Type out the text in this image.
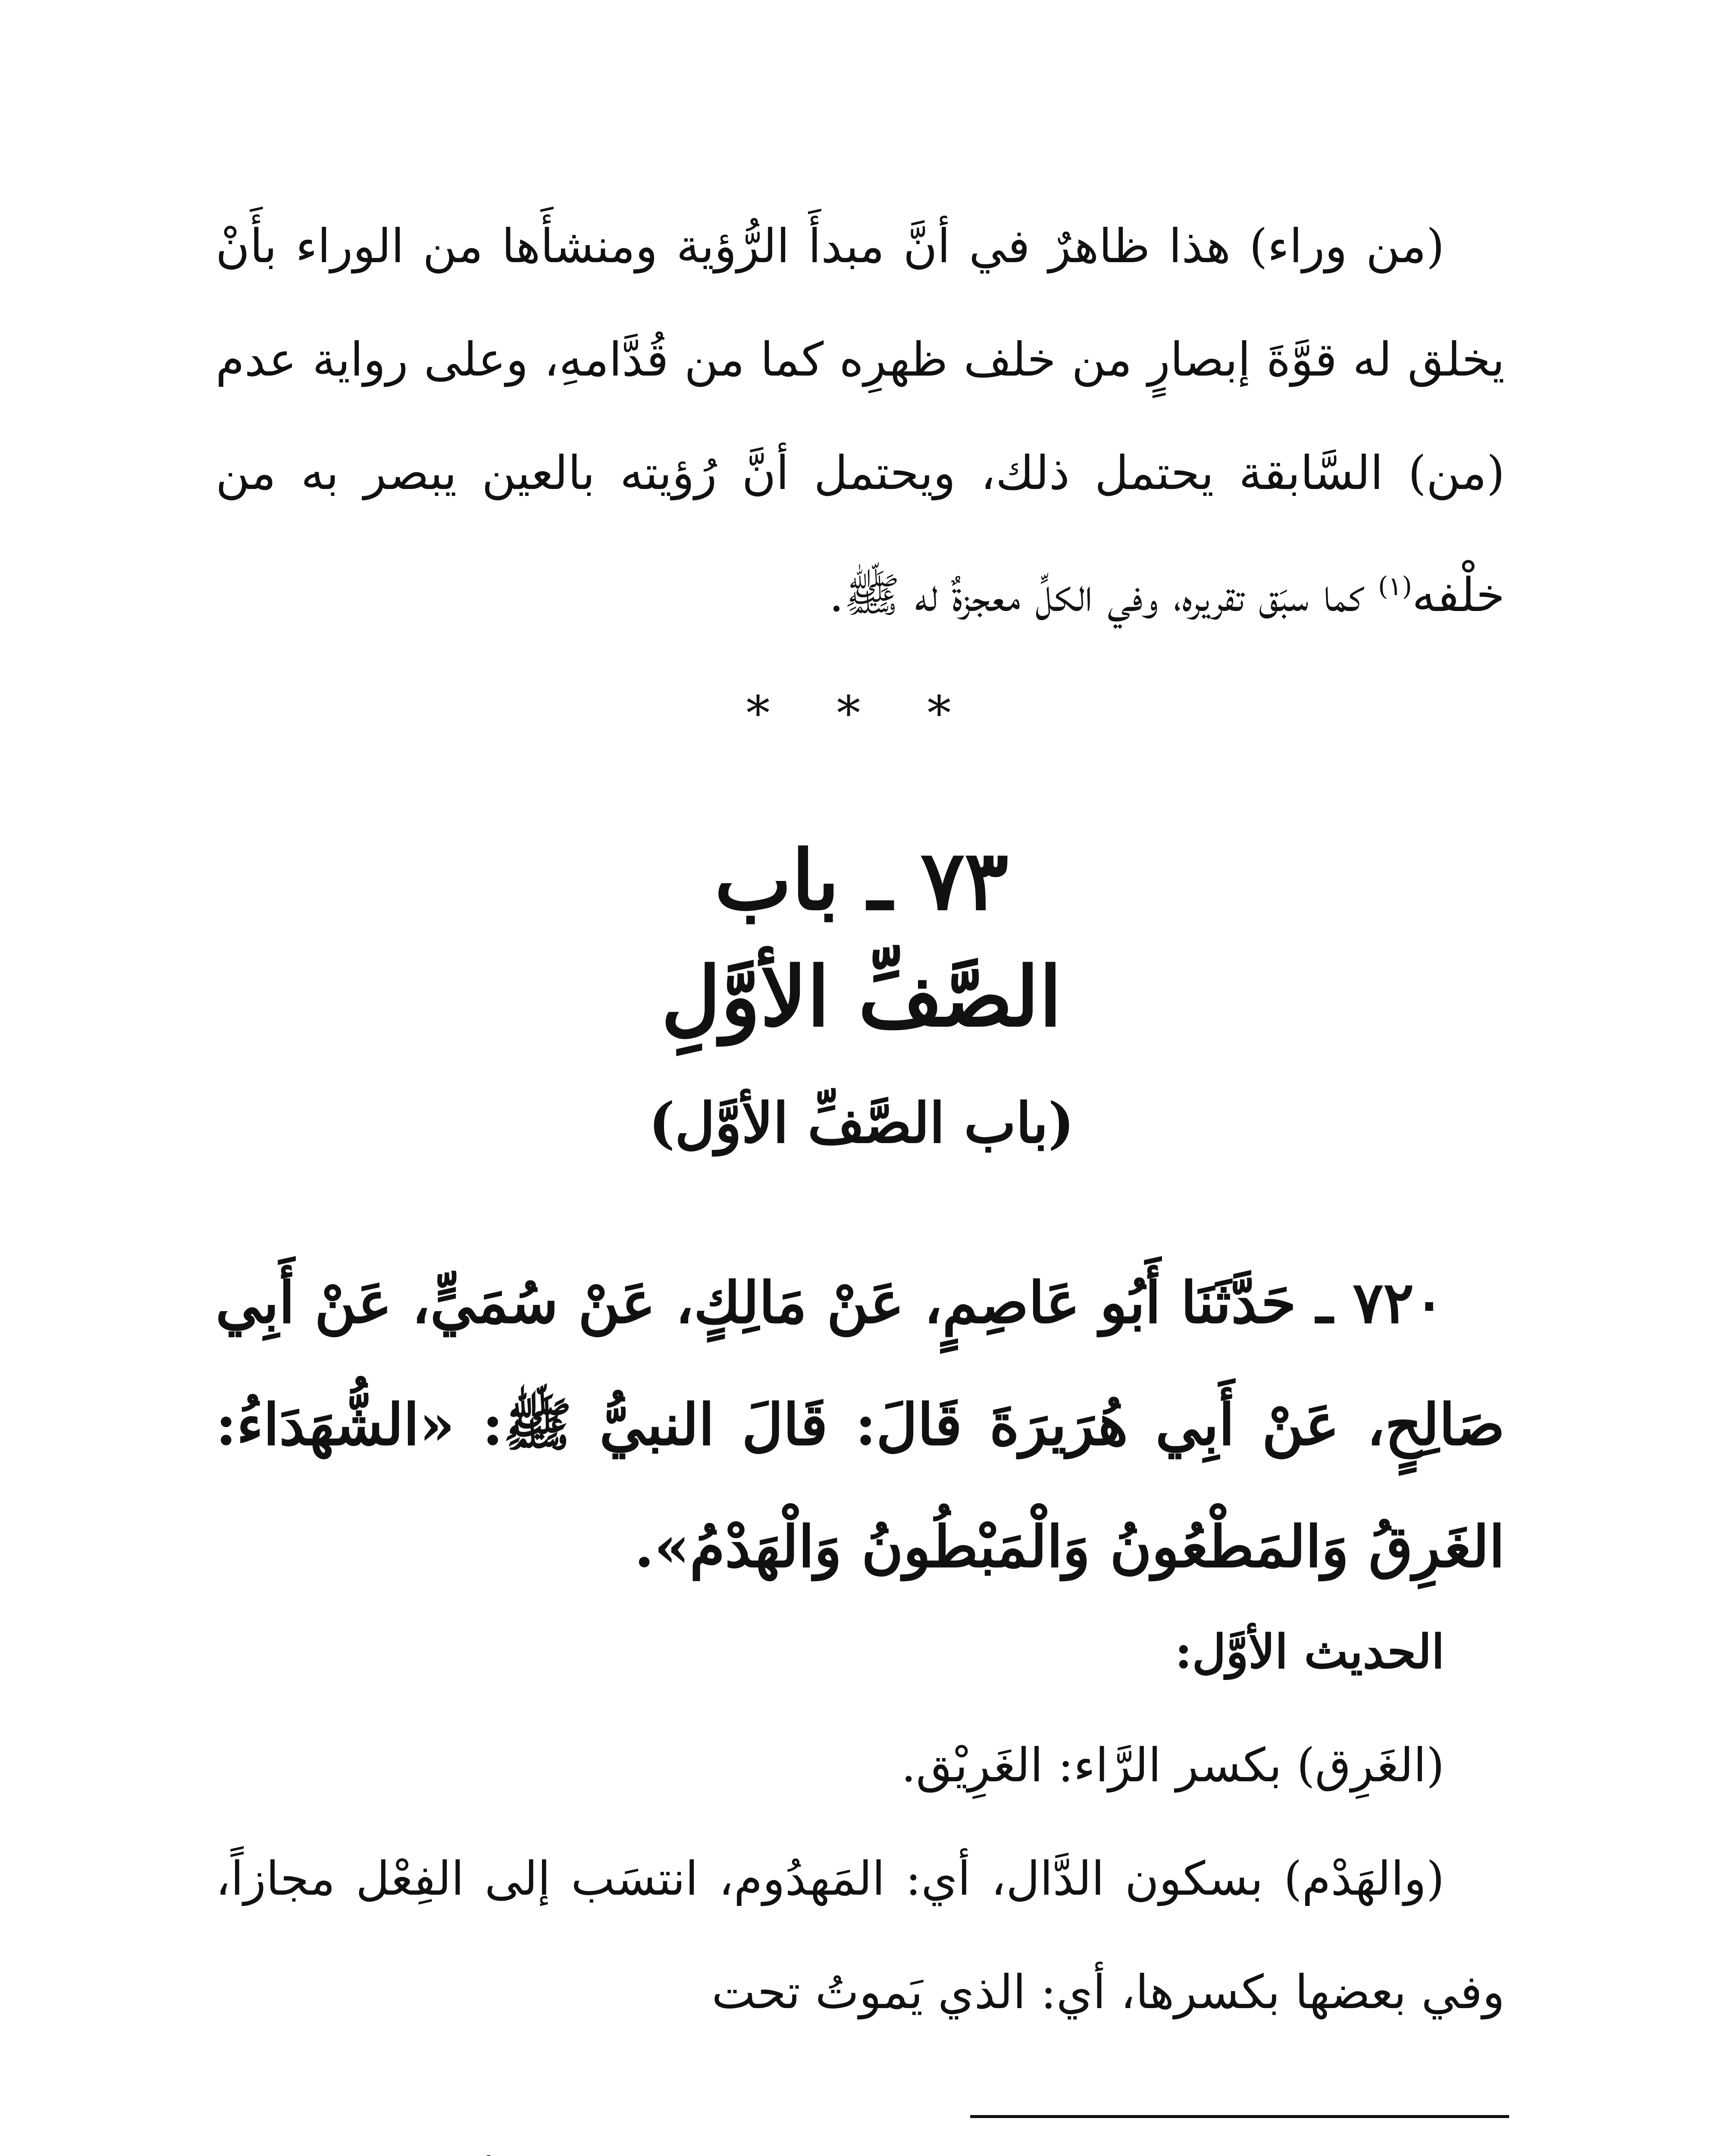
(من وراء) هذا ظاهرٌ في أنَّ مبدأَ الرُّؤية ومنشأَها من الوراء بأَنْ يخلق له قوَّةَ إبصارٍ من خلف ظهرِه كما من قُدَّامهِ، وعلى رواية عدم (من) السَّابقة يحتمل ذلك، ويحتمل أنَّ رُؤيته بالعين يبصر به من خلْفه$^{(١)}$ كما سبَق تقريره، وفي الكلِّ معجزةٌ له ﷺ.

* * *
٧٣ ـ باب
الصَّفِّ الأوَّلِ
(باب الصَّفِّ الأوَّل)

٧٢٠ ـ حَدَّثَنَا أَبُو عَاصِمٍ، عَنْ مَالِكٍ، عَنْ سُمَيٍّ، عَنْ أَبِي صَالِحٍ، عَنْ أَبِي هُرَيرَةَ قَالَ: قَالَ النبيُّ ﷺ: «الشُّهَدَاءُ: الغَرِقُ وَالمَطْعُونُ وَالْمَبْطُونُ وَالْهَدْمُ».

الحديث الأوَّل:

(الغَرِق) بكسر الرَّاء: الغَرِيْق.

(والهَدْم) بسكون الدَّال، أي: المَهدُوم، انتسَب إلى الفِعْل مجازاً، وفي بعضها بكسرها، أي: الذي يَموتُ تحت
